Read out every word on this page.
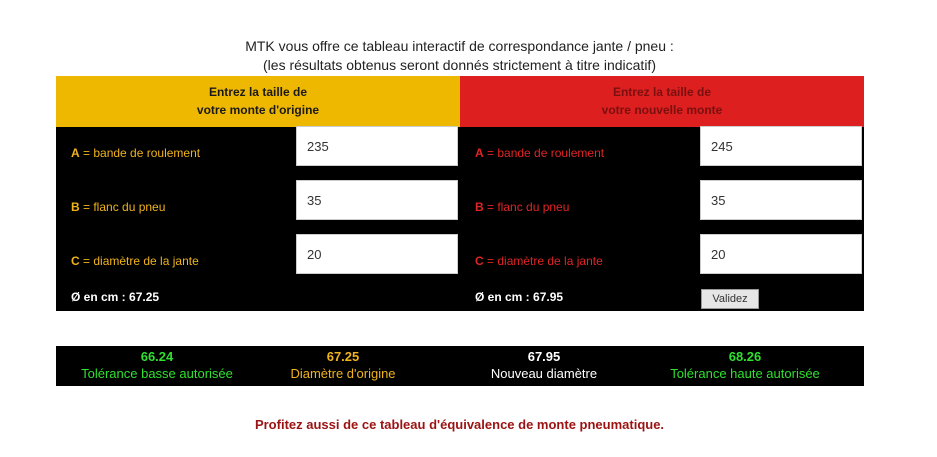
MTK vous offre ce tableau interactif de correspondance jante / pneu :
(les résultats obtenus seront donnés strictement à titre indicatif)
Entrez la taille de
votre monte d'origine
A = bande de roulement
235
B = flanc du pneu
35
C = diamètre de la jante
20
Ø en cm : 67.25
Entrez la taille de
votre nouvelle monte
A = bande de roulement
245
B = flanc du pneu
35
C = diamètre de la jante
20
Ø en cm : 67.95	Validez
66.24
Tolérance basse autorisée
67.25
Diamètre d'origine
67.95
Nouveau diamètre
68.26
Tolérance haute autorisée
Profitez aussi de ce tableau d'équivalence de monte pneumatique.
